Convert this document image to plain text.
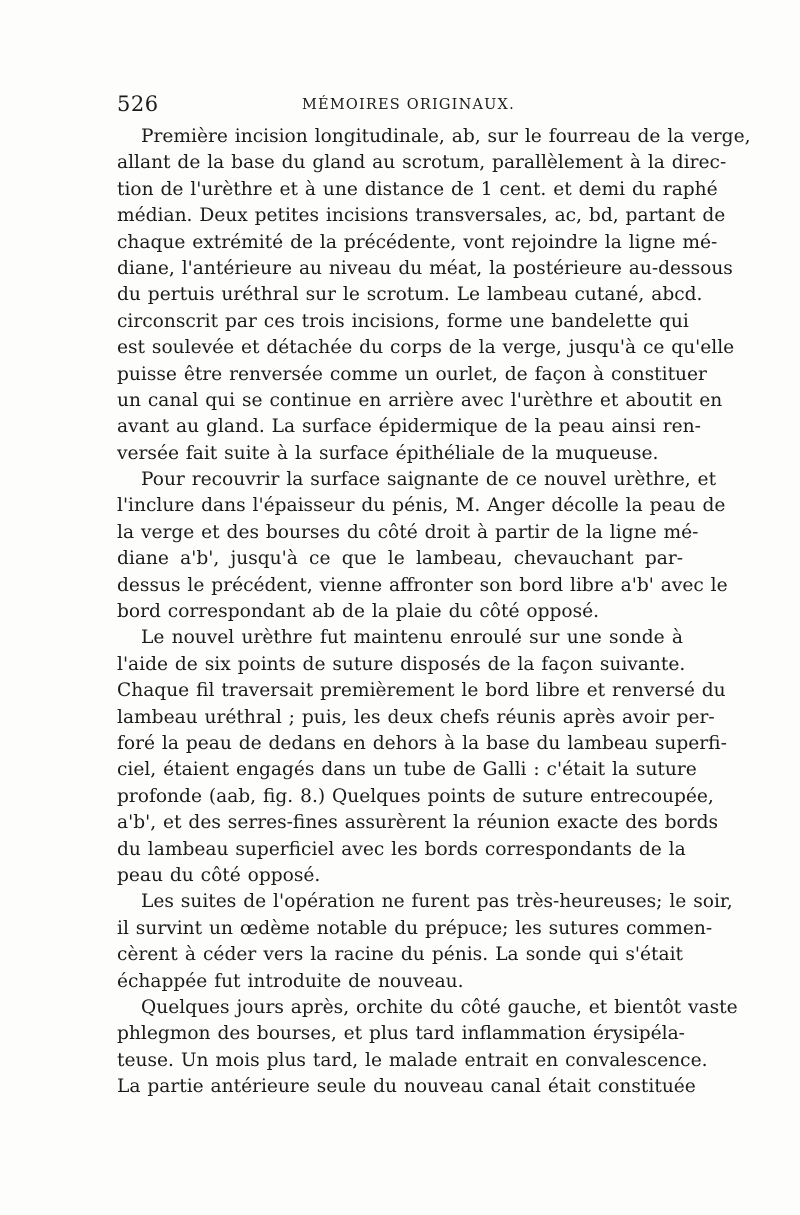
526	MÉMOIRES ORIGINAUX.
Première incision longitudinale, ab, sur le fourreau de la verge,
allant de la base du gland au scrotum, parallèlement à la direc-
tion de l'urèthre et à une distance de 1 cent. et demi du raphé
médian. Deux petites incisions transversales, ac, bd, partant de
chaque extrémité de la précédente, vont rejoindre la ligne mé-
diane, l'antérieure au niveau du méat, la postérieure au-dessous
du pertuis uréthral sur le scrotum. Le lambeau cutané, abcd.
circonscrit par ces trois incisions, forme une bandelette qui
est soulevée et détachée du corps de la verge, jusqu'à ce qu'elle
puisse être renversée comme un ourlet, de façon à constituer
un canal qui se continue en arrière avec l'urèthre et aboutit en
avant au gland. La surface épidermique de la peau ainsi ren-
versée fait suite à la surface épithéliale de la muqueuse.
Pour recouvrir la surface saignante de ce nouvel urèthre, et
l'inclure dans l'épaisseur du pénis, M. Anger décolle la peau de
la verge et des bourses du côté droit à partir de la ligne mé-
diane a'b', jusqu'à ce que le lambeau, chevauchant par-
dessus le précédent, vienne affronter son bord libre a'b' avec le
bord correspondant ab de la plaie du côté opposé.
Le nouvel urèthre fut maintenu enroulé sur une sonde à
l'aide de six points de suture disposés de la façon suivante.
Chaque fil traversait premièrement le bord libre et renversé du
lambeau uréthral ; puis, les deux chefs réunis après avoir per-
foré la peau de dedans en dehors à la base du lambeau superfi-
ciel, étaient engagés dans un tube de Galli : c'était la suture
profonde (aab, fig. 8.) Quelques points de suture entrecoupée,
a'b', et des serres-fines assurèrent la réunion exacte des bords
du lambeau superficiel avec les bords correspondants de la
peau du côté opposé.
Les suites de l'opération ne furent pas très-heureuses; le soir,
il survint un œdème notable du prépuce; les sutures commen-
cèrent à céder vers la racine du pénis. La sonde qui s'était
échappée fut introduite de nouveau.
Quelques jours après, orchite du côté gauche, et bientôt vaste
phlegmon des bourses, et plus tard inflammation érysipéla-
teuse. Un mois plus tard, le malade entrait en convalescence.
La partie antérieure seule du nouveau canal était constituée
